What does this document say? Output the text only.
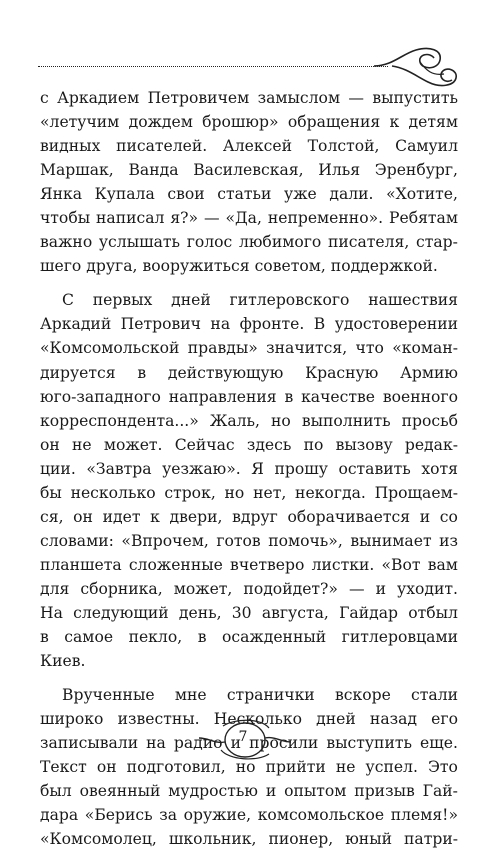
с Аркадием Петровичем замыслом — выпустить
«летучим дождем брошюр» обращения к детям
видных писателей. Алексей Толстой, Самуил
Маршак, Ванда Василевская, Илья Эренбург,
Янка Купала свои статьи уже дали. «Хотите,
чтобы написал я?» — «Да, непременно». Ребятам
важно услышать голос любимого писателя, стар-
шего друга, вооружиться советом, поддержкой.
С первых дней гитлеровского нашествия
Аркадий Петрович на фронте. В удостоверении
«Комсомольской правды» значится, что «коман-
дируется в действующую Красную Армию
юго-западного направления в качестве военного
корреспондента...» Жаль, но выполнить просьб
он не может. Сейчас здесь по вызову редак-
ции. «Завтра уезжаю». Я прошу оставить хотя
бы несколько строк, но нет, некогда. Прощаем-
ся, он идет к двери, вдруг оборачивается и со
словами: «Впрочем, готов помочь», вынимает из
планшета сложенные вчетверо листки. «Вот вам
для сборника, может, подойдет?» — и уходит.
На следующий день, 30 августа, Гайдар отбыл
в самое пекло, в осажденный гитлеровцами
Киев.
Врученные мне странички вскоре стали
широко известны. Несколько дней назад его
записывали на радио и просили выступить еще.
Текст он подготовил, но прийти не успел. Это
был овеянный мудростью и опытом призыв Гай-
дара «Берись за оружие, комсомольское племя!»
«Комсомолец, школьник, пионер, юный патри-
7
